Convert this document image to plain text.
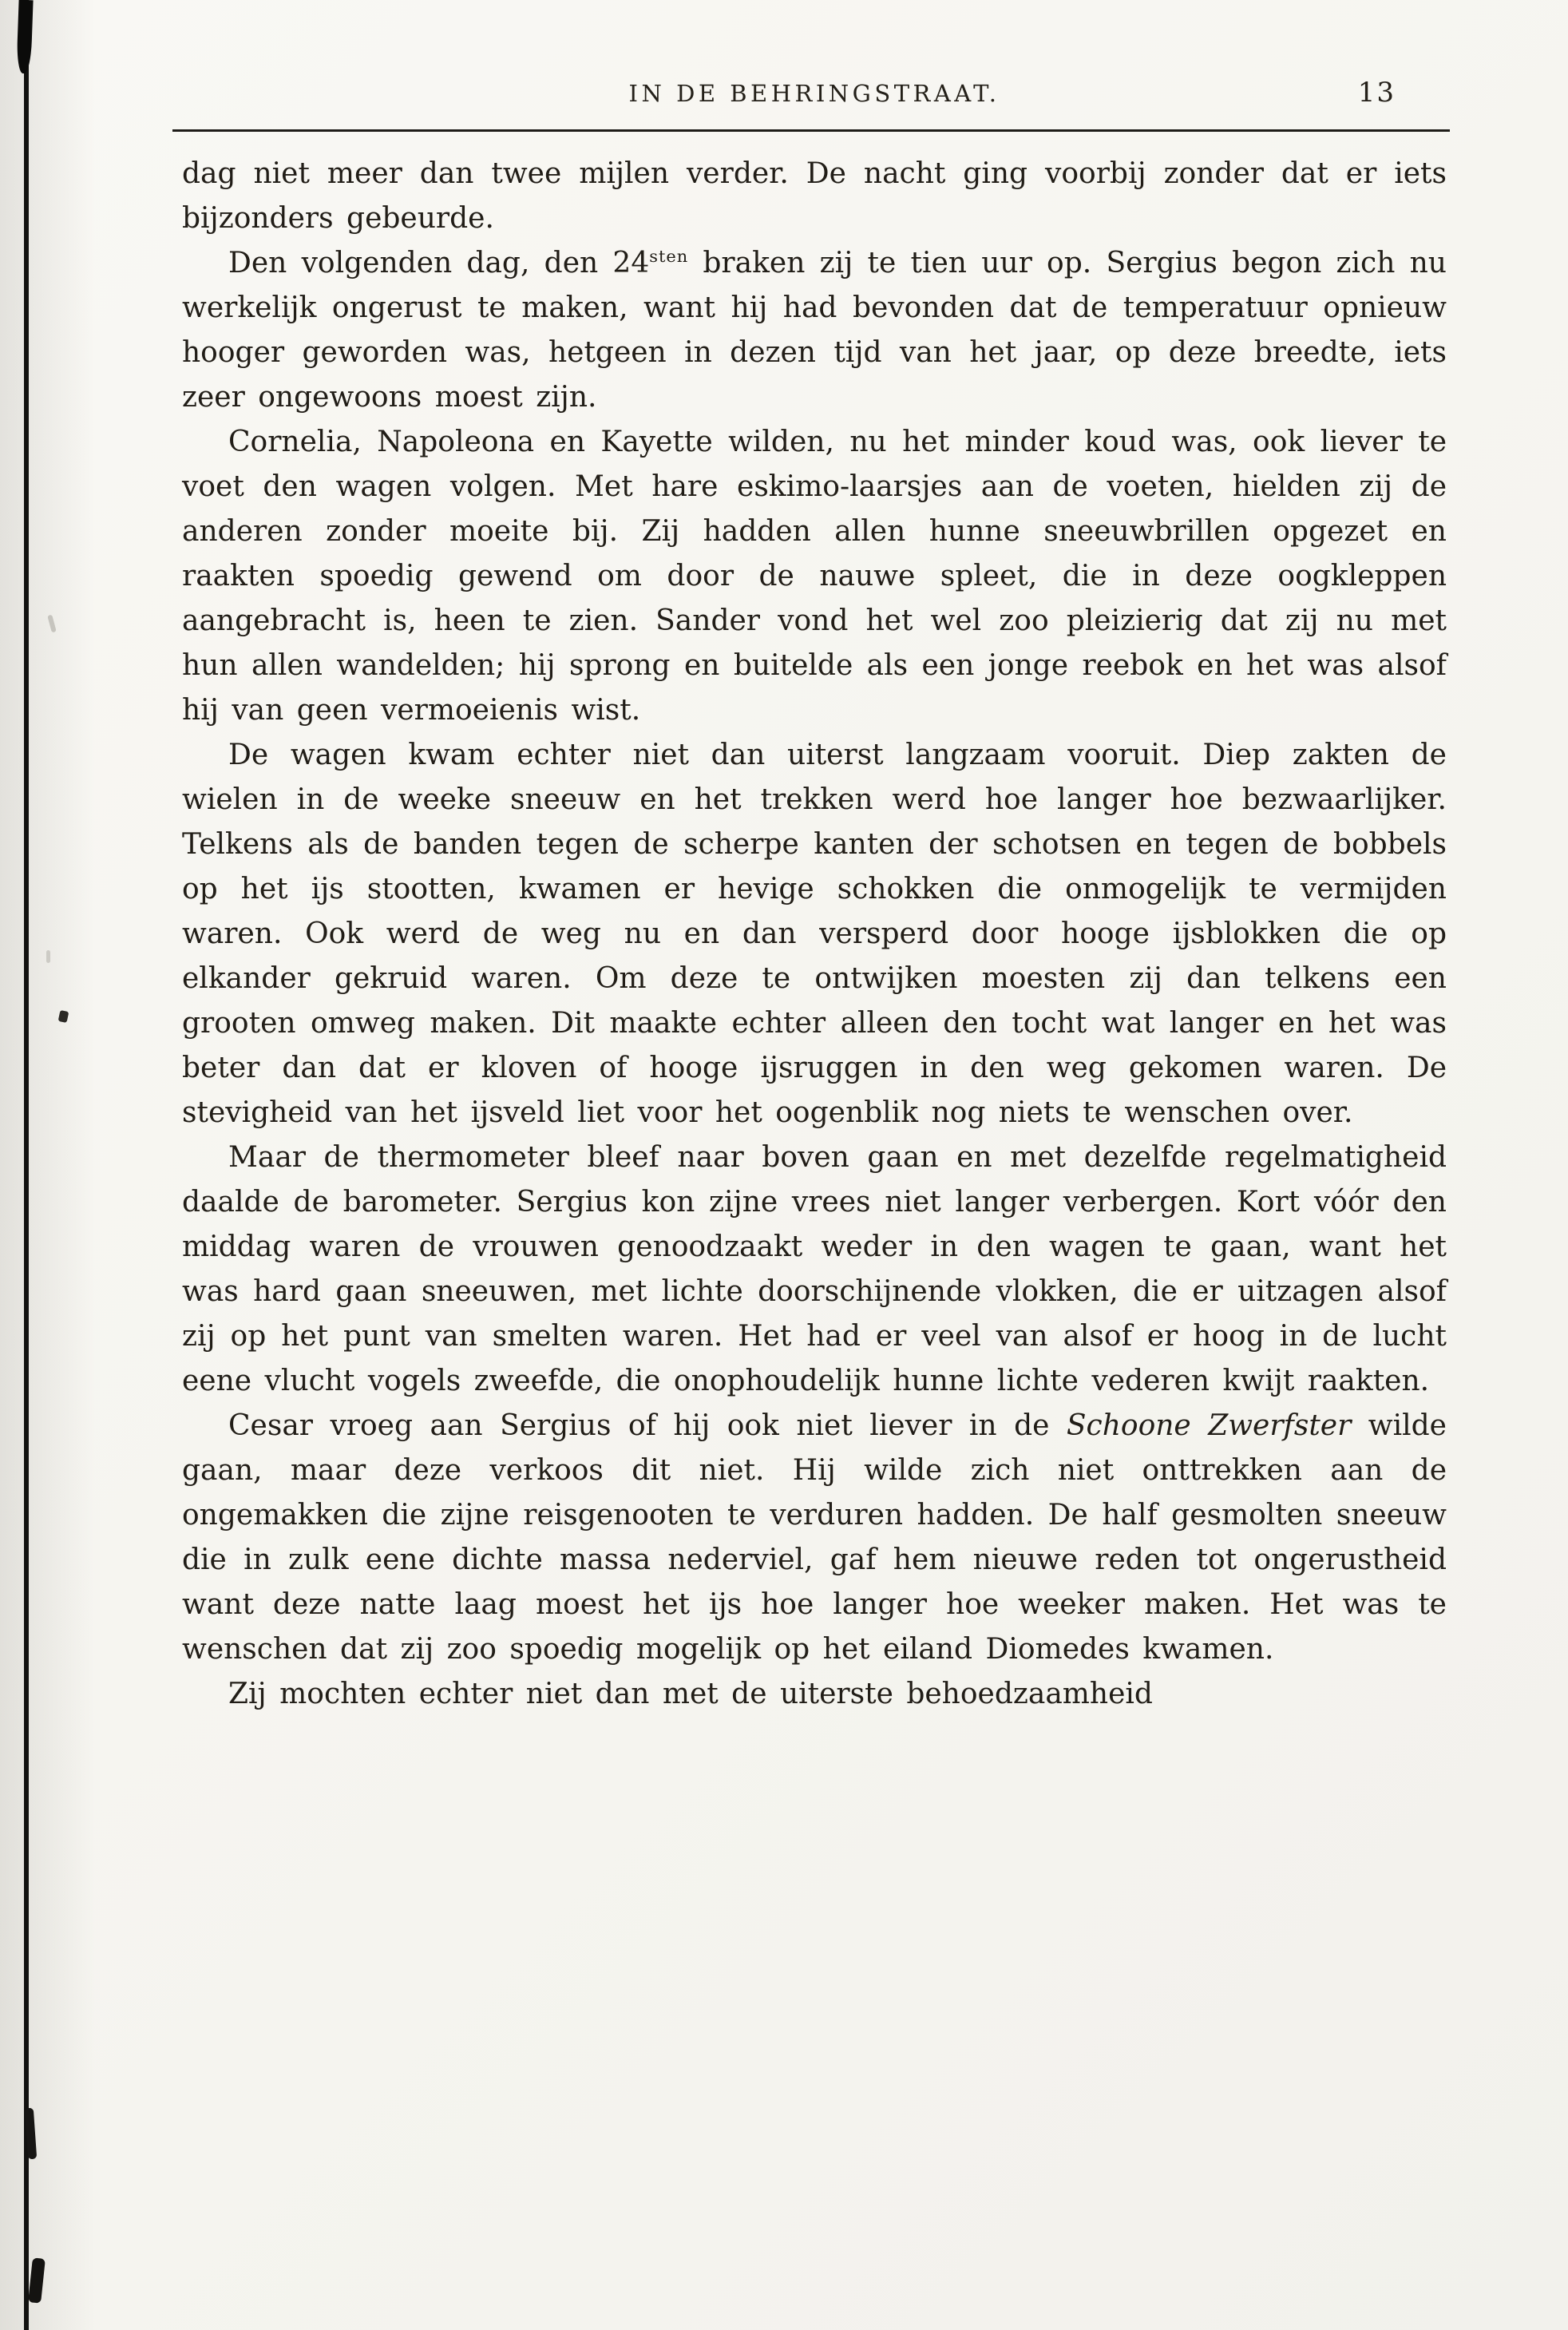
IN DE BEHRINGSTRAAT.	13

dag niet meer dan twee mijlen verder. De nacht ging voorbij zonder dat er iets bijzonders gebeurde.

Den volgenden dag, den $24^{sten}$ braken zij te tien uur op. Sergius begon zich nu werkelijk ongerust te maken, want hij had bevonden dat de temperatuur opnieuw hooger geworden was, hetgeen in dezen tijd van het jaar, op deze breedte, iets zeer ongewoons moest zijn.

Cornelia, Napoleona en Kayette wilden, nu het minder koud was, ook liever te voet den wagen volgen. Met hare eskimo-laarsjes aan de voeten, hielden zij de anderen zonder moeite bij. Zij hadden allen hunne sneeuwbrillen opgezet en raakten spoedig gewend om door de nauwe spleet, die in deze oogkleppen aangebracht is, heen te zien. Sander vond het wel zoo pleizierig dat zij nu met hun allen wandelden; hij sprong en buitelde als een jonge reebok en het was alsof hij van geen vermoeienis wist.

De wagen kwam echter niet dan uiterst langzaam vooruit. Diep zakten de wielen in de weeke sneeuw en het trekken werd hoe langer hoe bezwaarlijker. Telkens als de banden tegen de scherpe kanten der schotsen en tegen de bobbels op het ijs stootten, kwamen er hevige schokken die onmogelijk te vermijden waren. Ook werd de weg nu en dan versperd door hooge ijsblokken die op elkander gekruid waren. Om deze te ontwijken moesten zij dan telkens een grooten omweg maken. Dit maakte echter alleen den tocht wat langer en het was beter dan dat er kloven of hooge ijsruggen in den weg gekomen waren. De stevigheid van het ijsveld liet voor het oogenblik nog niets te wenschen over.

Maar de thermometer bleef naar boven gaan en met dezelfde regelmatigheid daalde de barometer. Sergius kon zijne vrees niet langer verbergen. Kort vóór den middag waren de vrouwen genoodzaakt weder in den wagen te gaan, want het was hard gaan sneeuwen, met lichte doorschijnende vlokken, die er uitzagen alsof zij op het punt van smelten waren. Het had er veel van alsof er hoog in de lucht eene vlucht vogels zweefde, die onophoudelijk hunne lichte vederen kwijt raakten.

Cesar vroeg aan Sergius of hij ook niet liever in de Schoone Zwerfster wilde gaan, maar deze verkoos dit niet. Hij wilde zich niet onttrekken aan de ongemakken die zijne reisgenooten te verduren hadden. De half gesmolten sneeuw die in zulk eene dichte massa nederviel, gaf hem nieuwe reden tot ongerustheid want deze natte laag moest het ijs hoe langer hoe weeker maken. Het was te wenschen dat zij zoo spoedig mogelijk op het eiland Diomedes kwamen.

Zij mochten echter niet dan met de uiterste behoedzaamheid
